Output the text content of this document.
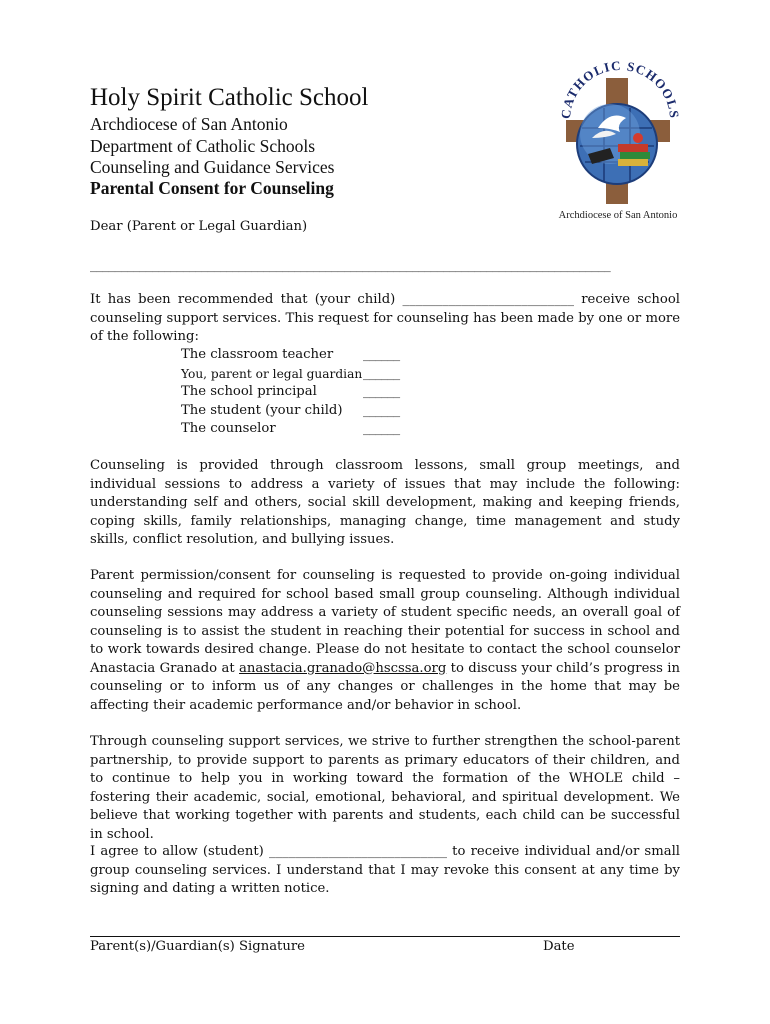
Holy Spirit Catholic School
Archdiocese of San Antonio
Department of Catholic Schools
Counseling and Guidance Services
Parental Consent for Counseling
CATHOLIC SCHOOLS
Archdiocese of San Antonio
Dear (Parent or Legal Guardian)
____________________________________________________________________________________
It has been recommended that (your child) __________________________ receive school counseling support services. This request for counseling has been made by one or more of the following:
The classroom teacher	______
You, parent or legal guardian ______
The school principal	______
The student (your child)	______
The counselor	______
Counseling is provided through classroom lessons, small group meetings, and individual sessions to address a variety of issues that may include the following: understanding self and others, social skill development, making and keeping friends, coping skills, family relationships, managing change, time management and study skills, conflict resolution, and bullying issues.
Parent permission/consent for counseling is requested to provide on-going individual counseling and required for school based small group counseling. Although individual counseling sessions may address a variety of student specific needs, an overall goal of counseling is to assist the student in reaching their potential for success in school and to work towards desired change. Please do not hesitate to contact the school counselor Anastacia Granado at anastacia.granado@hscssa.org to discuss your child’s progress in counseling or to inform us of any changes or challenges in the home that may be affecting their academic performance and/or behavior in school.
Through counseling support services, we strive to further strengthen the school-parent partnership, to provide support to parents as primary educators of their children, and to continue to help you in working toward the formation of the WHOLE child – fostering their academic, social, emotional, behavioral, and spiritual development. We believe that working together with parents and students, each child can be successful in school.
I agree to allow (student) ___________________________ to receive individual and/or small group counseling services. I understand that I may revoke this consent at any time by signing and dating a written notice.
Parent(s)/Guardian(s) Signature	Date
